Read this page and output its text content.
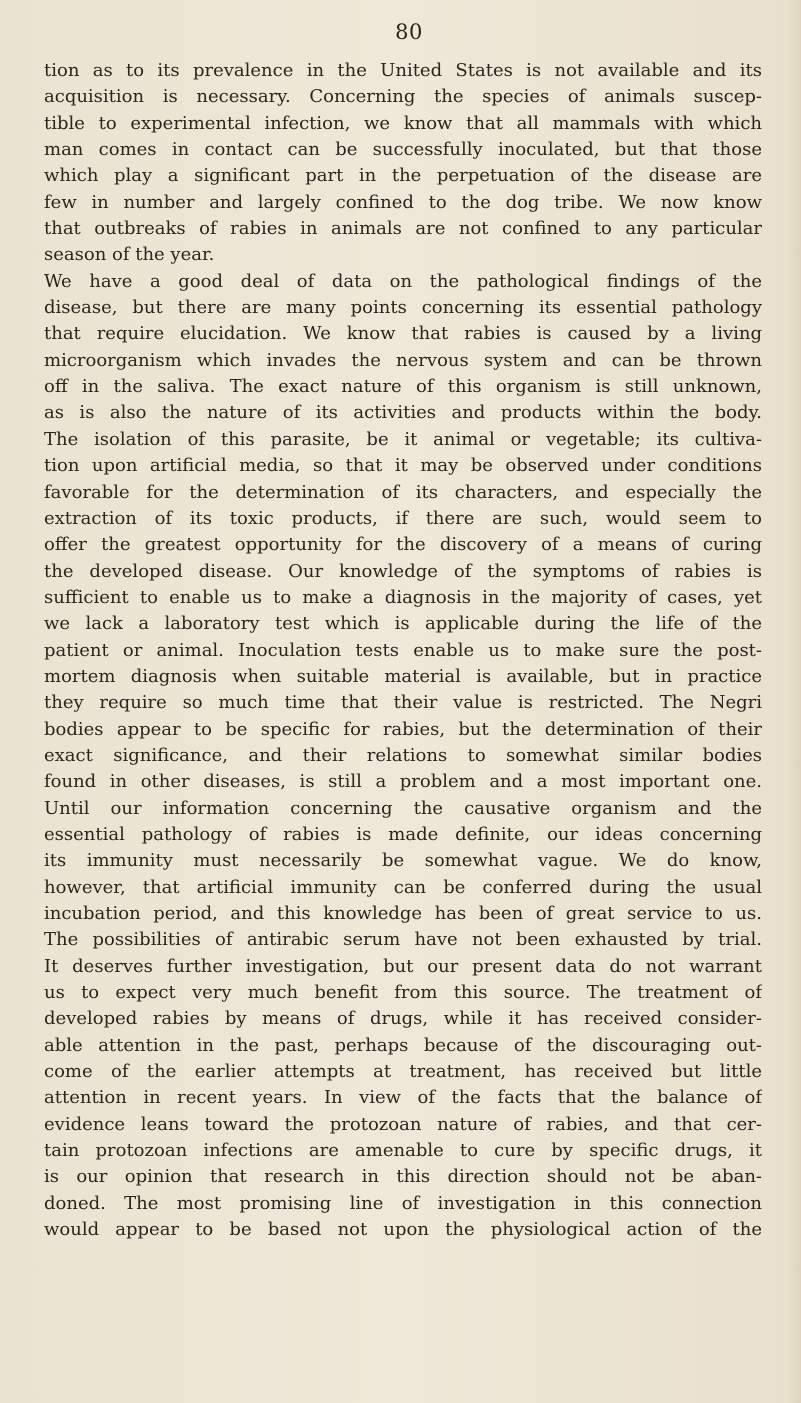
80
tion as to its prevalence in the United States is not available and its
acquisition is necessary. Concerning the species of animals suscep-
tible to experimental infection, we know that all mammals with which
man comes in contact can be successfully inoculated, but that those
which play a significant part in the perpetuation of the disease are
few in number and largely confined to the dog tribe. We now know
that outbreaks of rabies in animals are not confined to any particular
season of the year.
We have a good deal of data on the pathological findings of the
disease, but there are many points concerning its essential pathology
that require elucidation. We know that rabies is caused by a living
microorganism which invades the nervous system and can be thrown
off in the saliva. The exact nature of this organism is still unknown,
as is also the nature of its activities and products within the body.
The isolation of this parasite, be it animal or vegetable; its cultiva-
tion upon artificial media, so that it may be observed under conditions
favorable for the determination of its characters, and especially the
extraction of its toxic products, if there are such, would seem to
offer the greatest opportunity for the discovery of a means of curing
the developed disease. Our knowledge of the symptoms of rabies is
sufficient to enable us to make a diagnosis in the majority of cases, yet
we lack a laboratory test which is applicable during the life of the
patient or animal. Inoculation tests enable us to make sure the post-
mortem diagnosis when suitable material is available, but in practice
they require so much time that their value is restricted. The Negri
bodies appear to be specific for rabies, but the determination of their
exact significance, and their relations to somewhat similar bodies
found in other diseases, is still a problem and a most important one.
Until our information concerning the causative organism and the
essential pathology of rabies is made definite, our ideas concerning
its immunity must necessarily be somewhat vague. We do know,
however, that artificial immunity can be conferred during the usual
incubation period, and this knowledge has been of great service to us.
The possibilities of antirabic serum have not been exhausted by trial.
It deserves further investigation, but our present data do not warrant
us to expect very much benefit from this source. The treatment of
developed rabies by means of drugs, while it has received consider-
able attention in the past, perhaps because of the discouraging out-
come of the earlier attempts at treatment, has received but little
attention in recent years. In view of the facts that the balance of
evidence leans toward the protozoan nature of rabies, and that cer-
tain protozoan infections are amenable to cure by specific drugs, it
is our opinion that research in this direction should not be aban-
doned. The most promising line of investigation in this connection
would appear to be based not upon the physiological action of the
